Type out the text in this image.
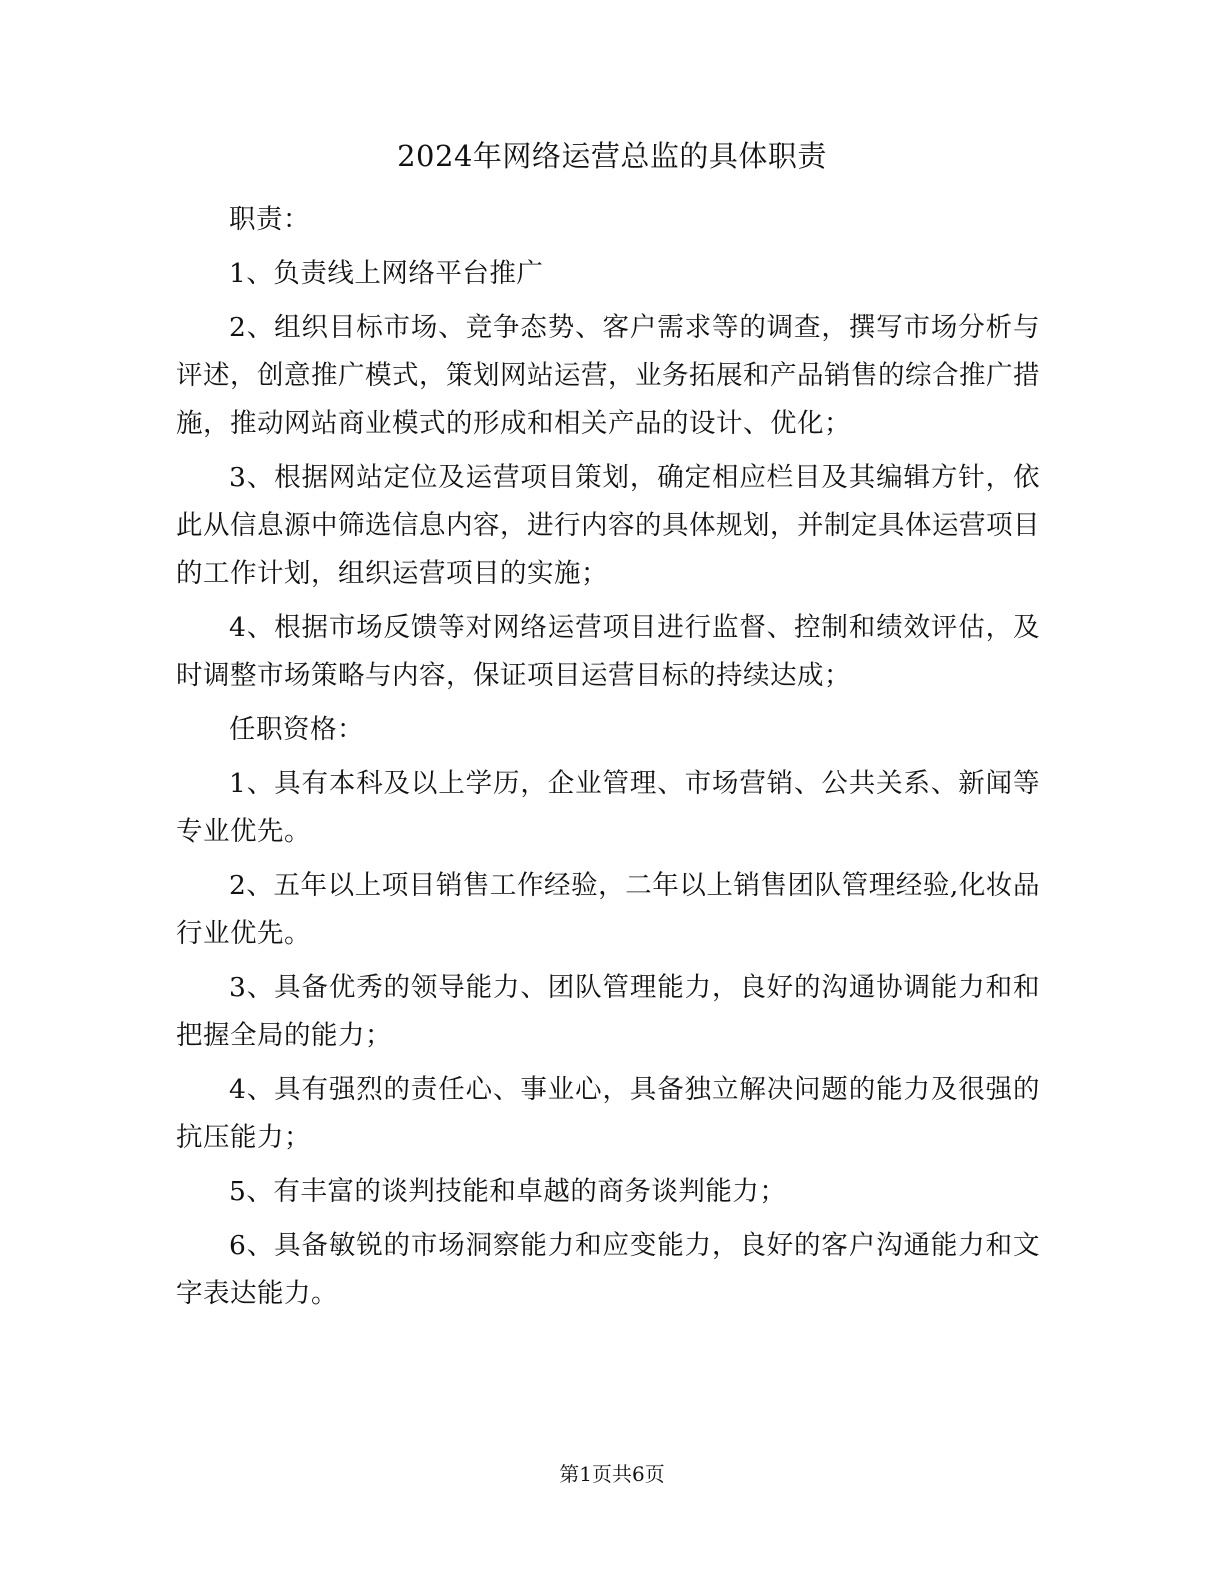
2024年网络运营总监的具体职责

职责：

1、负责线上网络平台推广

2、组织目标市场、竞争态势、客户需求等的调查，撰写市场分析与评述，创意推广模式，策划网站运营，业务拓展和产品销售的综合推广措施，推动网站商业模式的形成和相关产品的设计、优化；

3、根据网站定位及运营项目策划，确定相应栏目及其编辑方针，依此从信息源中筛选信息内容，进行内容的具体规划，并制定具体运营项目的工作计划，组织运营项目的实施；

4、根据市场反馈等对网络运营项目进行监督、控制和绩效评估，及时调整市场策略与内容，保证项目运营目标的持续达成；

任职资格：

1、具有本科及以上学历，企业管理、市场营销、公共关系、新闻等专业优先。

2、五年以上项目销售工作经验，二年以上销售团队管理经验,化妆品行业优先。

3、具备优秀的领导能力、团队管理能力，良好的沟通协调能力和和把握全局的能力；

4、具有强烈的责任心、事业心，具备独立解决问题的能力及很强的抗压能力；

5、有丰富的谈判技能和卓越的商务谈判能力；

6、具备敏锐的市场洞察能力和应变能力，良好的客户沟通能力和文字表达能力。

第1页共6页
